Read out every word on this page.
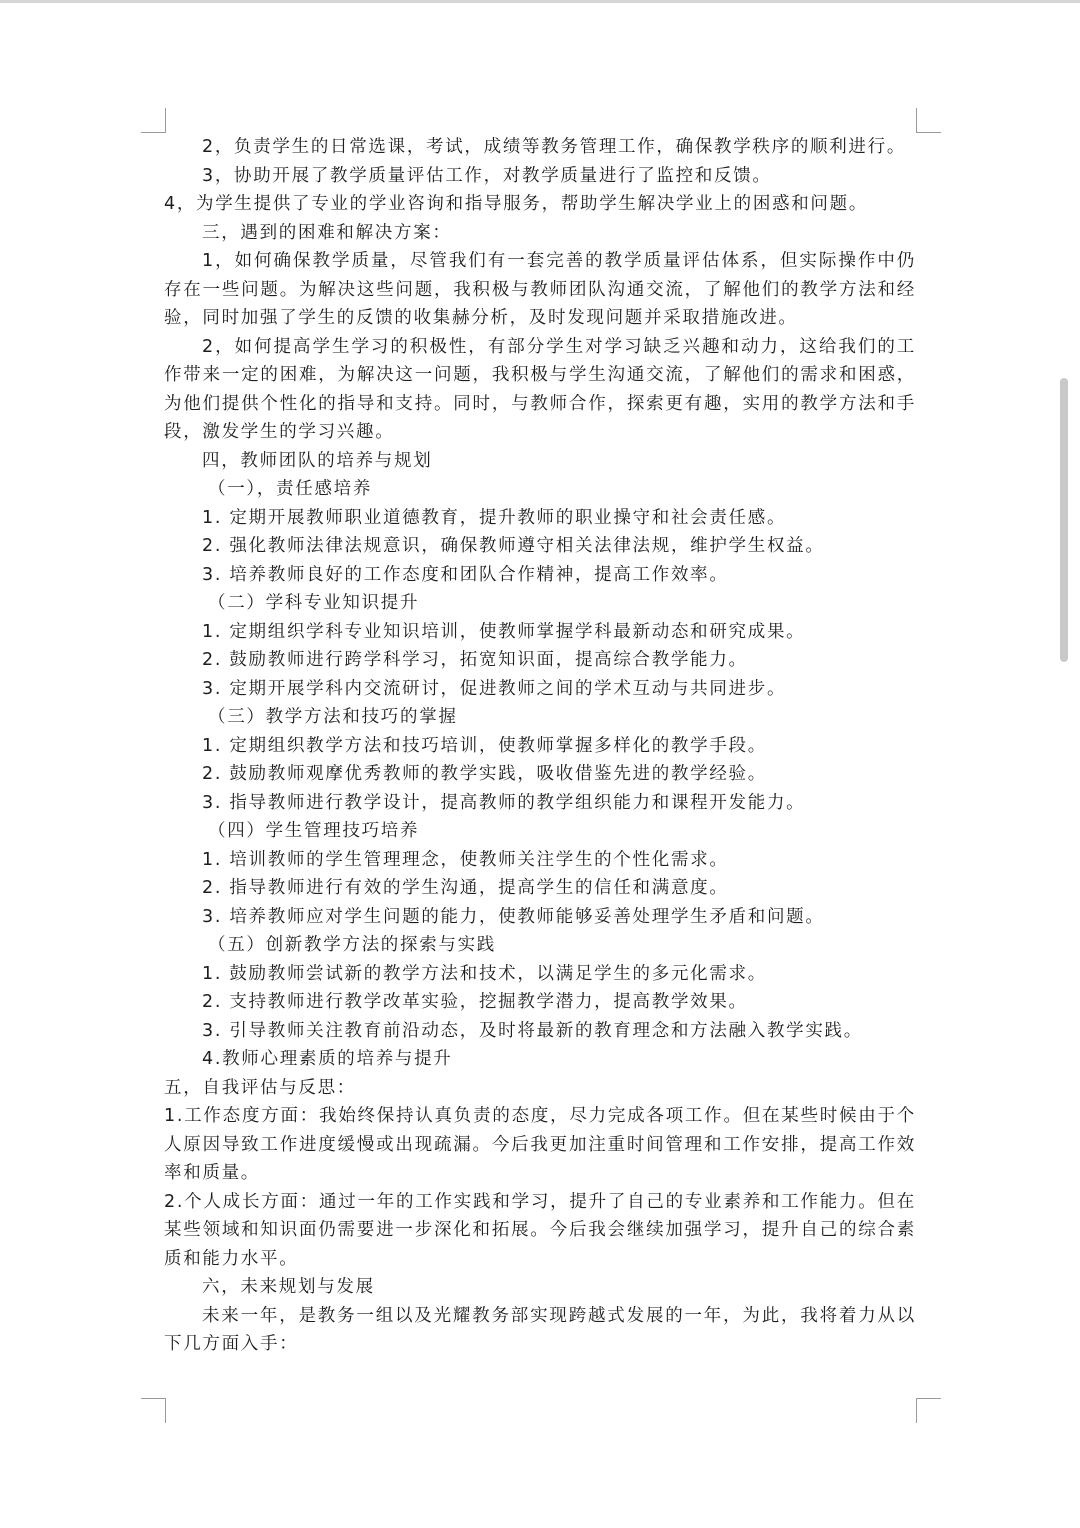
2，负责学生的日常选课，考试，成绩等教务管理工作，确保教学秩序的顺利进行。

3，协助开展了教学质量评估工作，对教学质量进行了监控和反馈。

4，为学生提供了专业的学业咨询和指导服务，帮助学生解决学业上的困惑和问题。

三，遇到的困难和解决方案：

1，如何确保教学质量，尽管我们有一套完善的教学质量评估体系，但实际操作中仍存在一些问题。为解决这些问题，我积极与教师团队沟通交流，了解他们的教学方法和经验，同时加强了学生的反馈的收集赫分析，及时发现问题并采取措施改进。

2，如何提高学生学习的积极性，有部分学生对学习缺乏兴趣和动力，这给我们的工作带来一定的困难，为解决这一问题，我积极与学生沟通交流，了解他们的需求和困惑，为他们提供个性化的指导和支持。同时，与教师合作，探索更有趣，实用的教学方法和手段，激发学生的学习兴趣。

四，教师团队的培养与规划

（一），责任感培养

1. 定期开展教师职业道德教育，提升教师的职业操守和社会责任感。

2. 强化教师法律法规意识，确保教师遵守相关法律法规，维护学生权益。

3. 培养教师良好的工作态度和团队合作精神，提高工作效率。

（二）学科专业知识提升

1. 定期组织学科专业知识培训，使教师掌握学科最新动态和研究成果。

2. 鼓励教师进行跨学科学习，拓宽知识面，提高综合教学能力。

3. 定期开展学科内交流研讨，促进教师之间的学术互动与共同进步。

（三）教学方法和技巧的掌握

1. 定期组织教学方法和技巧培训，使教师掌握多样化的教学手段。

2. 鼓励教师观摩优秀教师的教学实践，吸收借鉴先进的教学经验。

3. 指导教师进行教学设计，提高教师的教学组织能力和课程开发能力。

（四）学生管理技巧培养

1. 培训教师的学生管理理念，使教师关注学生的个性化需求。

2. 指导教师进行有效的学生沟通，提高学生的信任和满意度。

3. 培养教师应对学生问题的能力，使教师能够妥善处理学生矛盾和问题。

（五）创新教学方法的探索与实践

1. 鼓励教师尝试新的教学方法和技术，以满足学生的多元化需求。

2. 支持教师进行教学改革实验，挖掘教学潜力，提高教学效果。

3. 引导教师关注教育前沿动态，及时将最新的教育理念和方法融入教学实践。

4.教师心理素质的培养与提升

五，自我评估与反思：

1.工作态度方面：我始终保持认真负责的态度，尽力完成各项工作。但在某些时候由于个人原因导致工作进度缓慢或出现疏漏。今后我更加注重时间管理和工作安排，提高工作效率和质量。

2.个人成长方面：通过一年的工作实践和学习，提升了自己的专业素养和工作能力。但在某些领域和知识面仍需要进一步深化和拓展。今后我会继续加强学习，提升自己的综合素质和能力水平。

六，未来规划与发展

未来一年，是教务一组以及光耀教务部实现跨越式发展的一年，为此，我将着力从以下几方面入手：
